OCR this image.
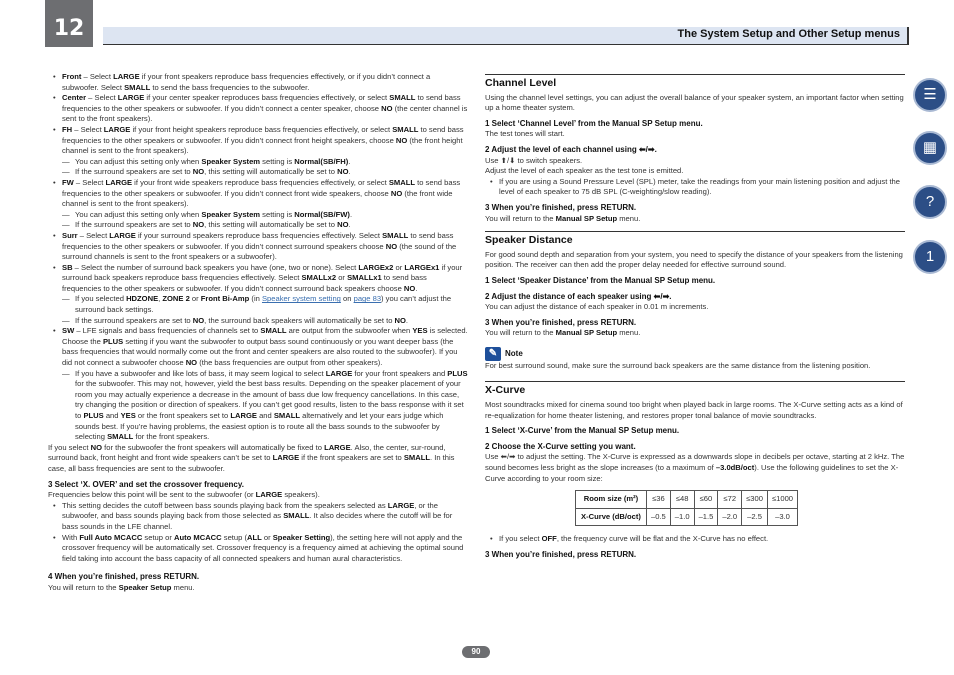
12	The System Setup and Other Setup menus
☰
▦
?
1

• Front – Select LARGE if your front speakers reproduce bass frequencies effectively, or if you didn’t connect a subwoofer. Select SMALL to send the bass frequencies to the subwoofer.

• Center – Select LARGE if your center speaker reproduces bass frequencies effectively, or select SMALL to send bass frequencies to the other speakers or subwoofer. If you didn’t connect a center speaker, choose NO (the center channel is sent to the front speakers).

• FH – Select LARGE if your front height speakers reproduce bass frequencies effectively, or select SMALL to send bass frequencies to the other speakers or subwoofer. If you didn’t connect front height speakers, choose NO (the front height channel is sent to the front speakers).

— You can adjust this setting only when Speaker System setting is Normal(SB/FH).

— If the surround speakers are set to NO, this setting will automatically be set to NO.

• FW – Select LARGE if your front wide speakers reproduce bass frequencies effectively, or select SMALL to send bass frequencies to the other speakers or subwoofer. If you didn’t connect front wide speakers, choose NO (the front wide channel is sent to the front speakers).

— You can adjust this setting only when Speaker System setting is Normal(SB/FW).

— If the surround speakers are set to NO, this setting will automatically be set to NO.

• Surr – Select LARGE if your surround speakers reproduce bass frequencies effectively. Select SMALL to send bass frequencies to the other speakers or subwoofer. If you didn’t connect surround speakers choose NO (the sound of the surround channels is sent to the front speakers or a subwoofer).

• SB – Select the number of surround back speakers you have (one, two or none). Select LARGEx2 or LARGEx1 if your surround back speakers reproduce bass frequencies effectively. Select SMALLx2 or SMALLx1 to send bass frequencies to the other speakers or subwoofer. If you didn’t connect surround back speakers choose NO.

— If you selected HDZONE, ZONE 2 or Front Bi-Amp (in Speaker system setting on page 83) you can’t adjust the surround back settings.

— If the surround speakers are set to NO, the surround back speakers will automatically be set to NO.

• SW – LFE signals and bass frequencies of channels set to SMALL are output from the subwoofer when YES is selected. Choose the PLUS setting if you want the subwoofer to output bass sound continuously or you want deeper bass (the bass frequencies that would normally come out the front and center speakers are also routed to the subwoofer). If you did not connect a subwoofer choose NO (the bass frequencies are output from other speakers).

— If you have a subwoofer and like lots of bass, it may seem logical to select LARGE for your front speakers and PLUS for the subwoofer. This may not, however, yield the best bass results. Depending on the speaker placement of your room you may actually experience a decrease in the amount of bass due low frequency cancellations. In this case, try changing the position or direction of speakers. If you can’t get good results, listen to the bass response with it set to PLUS and YES or the front speakers set to LARGE and SMALL alternatively and let your ears judge which sounds best. If you’re having problems, the easiest option is to route all the bass sounds to the subwoofer by selecting SMALL for the front speakers.

If you select NO for the subwoofer the front speakers will automatically be fixed to LARGE. Also, the center, sur-round, surround back, front height and front wide speakers can’t be set to LARGE if the front speakers are set to SMALL. In this case, all bass frequencies are sent to the subwoofer.

3 Select ‘X. OVER’ and set the crossover frequency.

Frequencies below this point will be sent to the subwoofer (or LARGE speakers).

• This setting decides the cutoff between bass sounds playing back from the speakers selected as LARGE, or the subwoofer, and bass sounds playing back from those selected as SMALL. It also decides where the cutoff will be for bass sounds in the LFE channel.

• With Full Auto MCACC setup or Auto MCACC setup (ALL or Speaker Setting), the setting here will not apply and the crossover frequency will be automatically set. Crossover frequency is a frequency aimed at achieving the optimal sound field taking into account the bass capacity of all connected speakers and human aural characteristics.

4 When you’re finished, press RETURN.

You will return to the Speaker Setup menu.

Channel Level

Using the channel level settings, you can adjust the overall balance of your speaker system, an important factor when setting up a home theater system.

1 Select ‘Channel Level’ from the Manual SP Setup menu.

The test tones will start.

2 Adjust the level of each channel using ⬅/➡.

Use ⬆/⬇ to switch speakers.

Adjust the level of each speaker as the test tone is emitted.

• If you are using a Sound Pressure Level (SPL) meter, take the readings from your main listening position and adjust the level of each speaker to 75 dB SPL (C-weighting/slow reading).

3 When you’re finished, press RETURN.

You will return to the Manual SP Setup menu.

Speaker Distance

For good sound depth and separation from your system, you need to specify the distance of your speakers from the listening position. The receiver can then add the proper delay needed for effective surround sound.

1 Select ‘Speaker Distance’ from the Manual SP Setup menu.

2 Adjust the distance of each speaker using ⬅/➡.

You can adjust the distance of each speaker in 0.01 m increments.

3 When you’re finished, press RETURN.

You will return to the Manual SP Setup menu.

✎ Note

For best surround sound, make sure the surround back speakers are the same distance from the listening position.

X-Curve

Most soundtracks mixed for cinema sound too bright when played back in large rooms. The X-Curve setting acts as a kind of re-equalization for home theater listening, and restores proper tonal balance of movie soundtracks.

1 Select ‘X-Curve’ from the Manual SP Setup menu.

2 Choose the X-Curve setting you want.

Use ⬅/➡ to adjust the setting. The X-Curve is expressed as a downwards slope in decibels per octave, starting at 2 kHz. The sound becomes less bright as the slope increases (to a maximum of –3.0dB/oct). Use the following guidelines to set the X-Curve according to your room size:

Room size (m²)	≤36	≤48	≤60	≤72	≤300	≤1000
X-Curve (dB/oct)	–0.5	–1.0	–1.5	–2.0	–2.5	–3.0

• If you select OFF, the frequency curve will be flat and the X-Curve has no effect.

3 When you’re finished, press RETURN.

90
